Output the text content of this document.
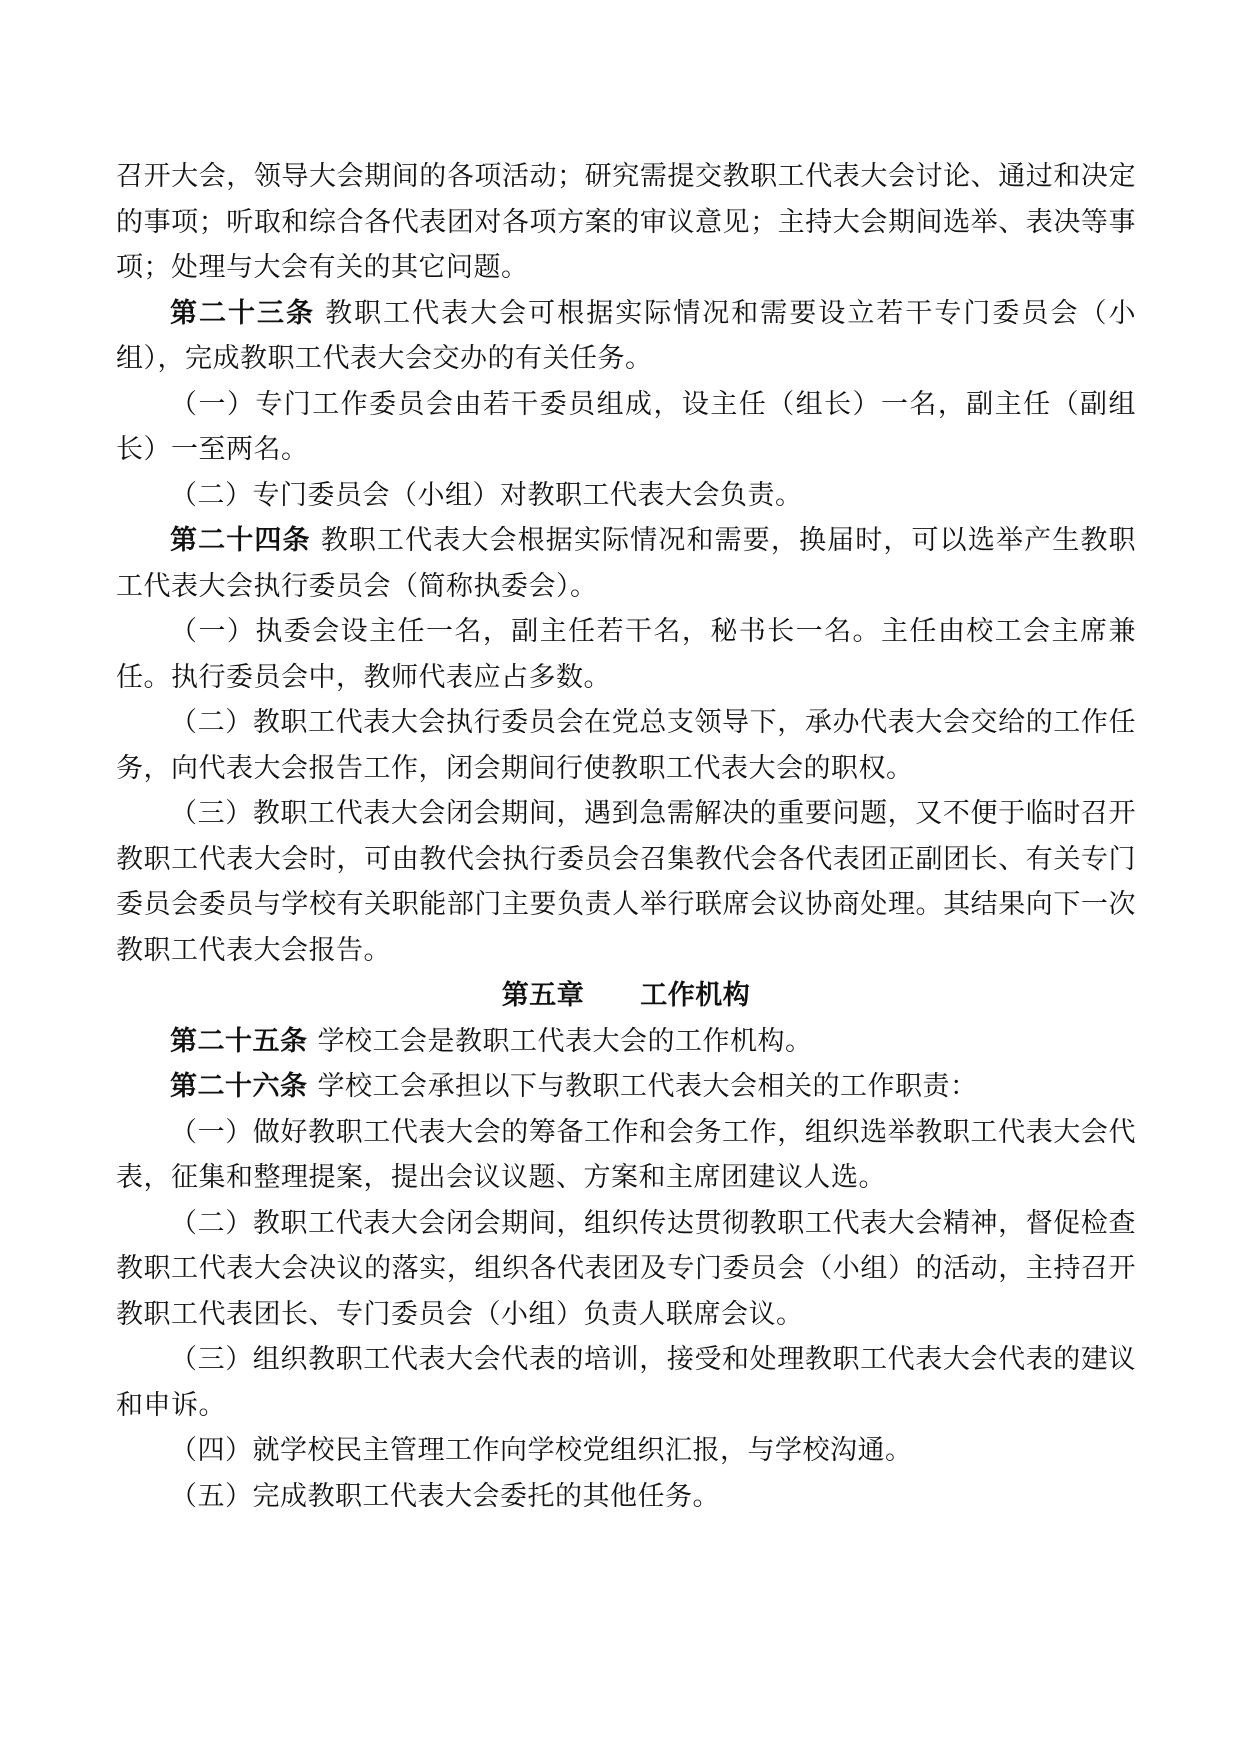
召开大会，领导大会期间的各项活动；研究需提交教职工代表大会讨论、通过和决定的事项；听取和综合各代表团对各项方案的审议意见；主持大会期间选举、表决等事项；处理与大会有关的其它问题。

第二十三条 教职工代表大会可根据实际情况和需要设立若干专门委员会（小组），完成教职工代表大会交办的有关任务。

（一）专门工作委员会由若干委员组成，设主任（组长）一名，副主任（副组长）一至两名。

（二）专门委员会（小组）对教职工代表大会负责。

第二十四条 教职工代表大会根据实际情况和需要，换届时，可以选举产生教职工代表大会执行委员会（简称执委会）。

（一）执委会设主任一名，副主任若干名，秘书长一名。主任由校工会主席兼任。执行委员会中，教师代表应占多数。

（二）教职工代表大会执行委员会在党总支领导下，承办代表大会交给的工作任务，向代表大会报告工作，闭会期间行使教职工代表大会的职权。

（三）教职工代表大会闭会期间，遇到急需解决的重要问题，又不便于临时召开教职工代表大会时，可由教代会执行委员会召集教代会各代表团正副团长、有关专门委员会委员与学校有关职能部门主要负责人举行联席会议协商处理。其结果向下一次教职工代表大会报告。

第五章 工作机构

第二十五条 学校工会是教职工代表大会的工作机构。

第二十六条 学校工会承担以下与教职工代表大会相关的工作职责：

（一）做好教职工代表大会的筹备工作和会务工作，组织选举教职工代表大会代表，征集和整理提案，提出会议议题、方案和主席团建议人选。

（二）教职工代表大会闭会期间，组织传达贯彻教职工代表大会精神，督促检查教职工代表大会决议的落实，组织各代表团及专门委员会（小组）的活动，主持召开教职工代表团长、专门委员会（小组）负责人联席会议。

（三）组织教职工代表大会代表的培训，接受和处理教职工代表大会代表的建议和申诉。

（四）就学校民主管理工作向学校党组织汇报，与学校沟通。

（五）完成教职工代表大会委托的其他任务。
